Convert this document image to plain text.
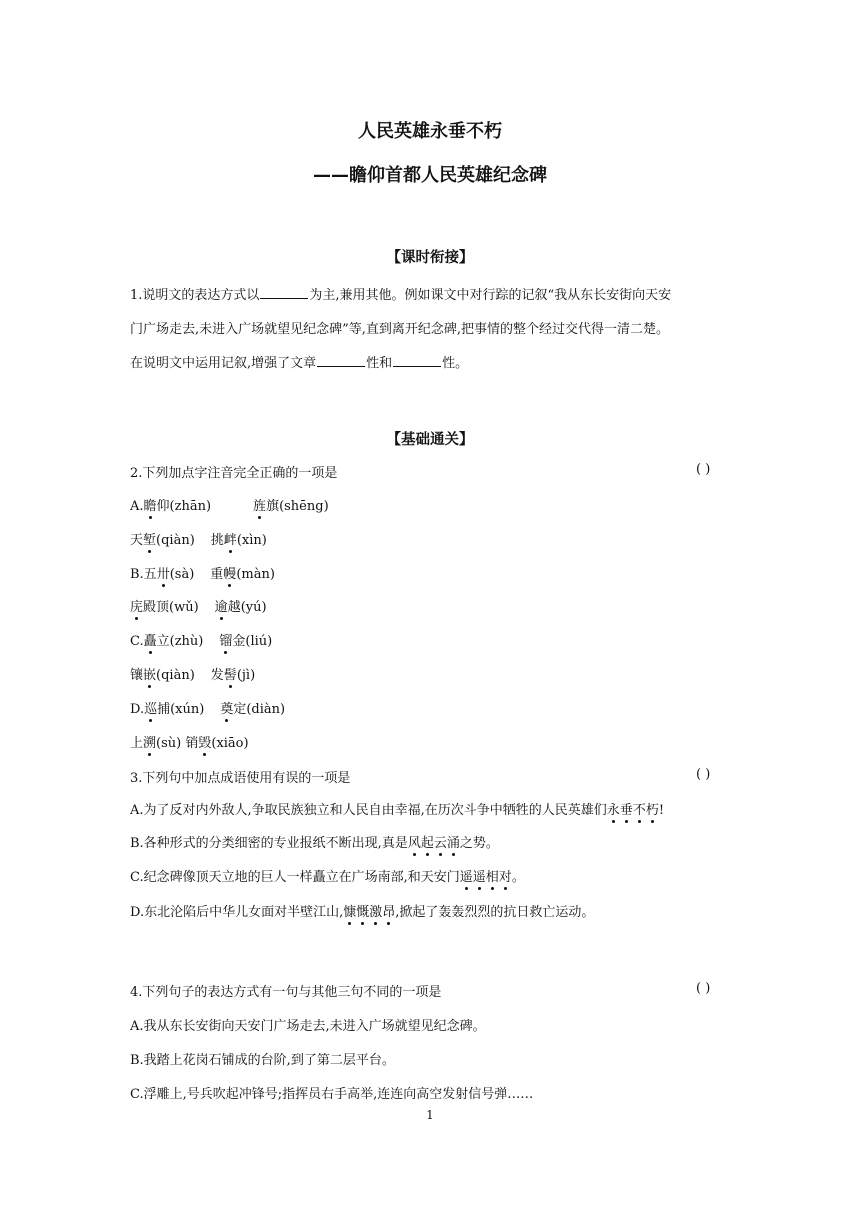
人民英雄永垂不朽
——瞻仰首都人民英雄纪念碑
【课时衔接】
1.说明文的表达方式以	为主,兼用其他。例如课文中对行踪的记叙“我从东长安街向天安
门广场走去,未进入广场就望见纪念碑”等,直到离开纪念碑,把事情的整个经过交代得一清二楚。
在说明文中运用记叙,增强了文章	性和	性。
【基础通关】
2.下列加点字注音完全正确的一项是	( )
A.瞻仰(zhān)	旌旗(shēng)
天堑(qiàn) 挑衅(xìn)
B.五卅(sà) 重幔(màn)
庑殿顶(wǔ) 逾越(yú)
C.矗立(zhù) 镏金(liú)
镶嵌(qiàn) 发髻(jì)
D.巡捕(xún) 奠定(diàn)
上溯(sù) 销毁(xiāo)
3.下列句中加点成语使用有误的一项是	( )
A.为了反对内外敌人,争取民族独立和人民自由幸福,在历次斗争中牺牲的人民英雄们永垂不朽!
B.各种形式的分类细密的专业报纸不断出现,真是风起云涌之势。
C.纪念碑像顶天立地的巨人一样矗立在广场南部,和天安门遥遥相对。
D.东北沦陷后中华儿女面对半壁江山,慷慨激昂,掀起了轰轰烈烈的抗日救亡运动。
4.下列句子的表达方式有一句与其他三句不同的一项是	( )
A.我从东长安街向天安门广场走去,未进入广场就望见纪念碑。
B.我踏上花岗石铺成的台阶,到了第二层平台。
C.浮雕上,号兵吹起冲锋号;指挥员右手高举,连连向高空发射信号弹……
1
